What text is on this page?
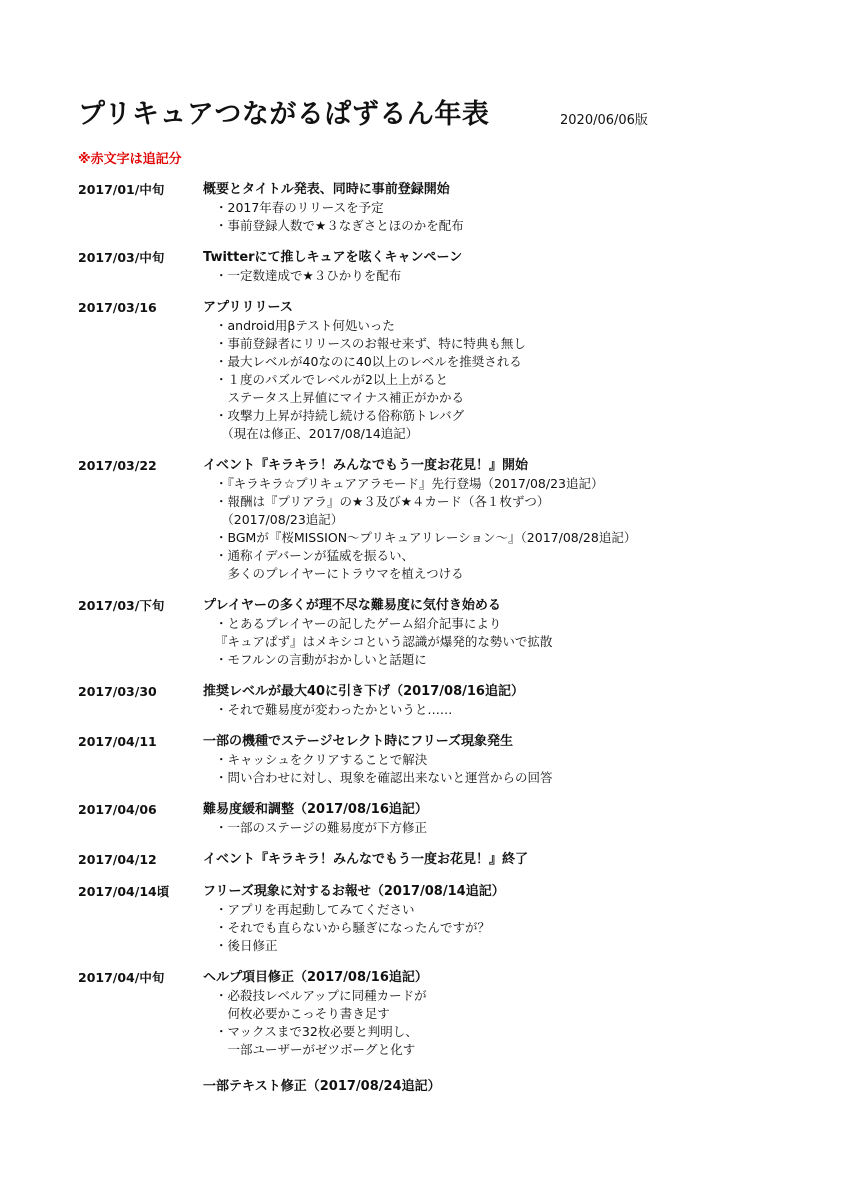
プリキュアつながるぱずるん年表	2020/06/06版
※赤文字は追記分
2017/01/中旬	概要とタイトル発表、同時に事前登録開始
・2017年春のリリースを予定
・事前登録人数で★３なぎさとほのかを配布
2017/03/中旬	Twitterにて推しキュアを呟くキャンペーン
・一定数達成で★３ひかりを配布
2017/03/16	アプリリリース
・android用βテスト何処いった
・事前登録者にリリースのお報せ来ず、特に特典も無し
・最大レベルが40なのに40以上のレベルを推奨される
・１度のパズルでレベルが2以上上がると
　ステータス上昇値にマイナス補正がかかる
・攻撃力上昇が持続し続ける俗称筋トレバグ
　（現在は修正、2017/08/14追記）
2017/03/22	イベント『キラキラ！みんなでもう一度お花見！』開始
・『キラキラ☆プリキュアアラモード』先行登場（2017/08/23追記）
・報酬は『プリアラ』の★３及び★４カード（各１枚ずつ）
　（2017/08/23追記）
・BGMが『桜MISSION～プリキュアリレーション～』（2017/08/28追記）
・通称イデバーンが猛威を振るい、
　多くのプレイヤーにトラウマを植えつける
2017/03/下旬	プレイヤーの多くが理不尽な難易度に気付き始める
・とあるプレイヤーの記したゲーム紹介記事により
『キュアぱず』はメキシコという認識が爆発的な勢いで拡散
・モフルンの言動がおかしいと話題に
2017/03/30	推奨レベルが最大40に引き下げ（2017/08/16追記）
・それで難易度が変わったかというと……
2017/04/11	一部の機種でステージセレクト時にフリーズ現象発生
・キャッシュをクリアすることで解決
・問い合わせに対し、現象を確認出来ないと運営からの回答
2017/04/06	難易度緩和調整（2017/08/16追記）
・一部のステージの難易度が下方修正
2017/04/12	イベント『キラキラ！みんなでもう一度お花見！』終了
2017/04/14頃	フリーズ現象に対するお報せ（2017/08/14追記）
・アプリを再起動してみてください
・それでも直らないから騒ぎになったんですが？
・後日修正
2017/04/中旬	ヘルプ項目修正（2017/08/16追記）
・必殺技レベルアップに同種カードが
　何枚必要かこっそり書き足す
・マックスまで32枚必要と判明し、
　一部ユーザーがゼツボーグと化す
一部テキスト修正（2017/08/24追記）
